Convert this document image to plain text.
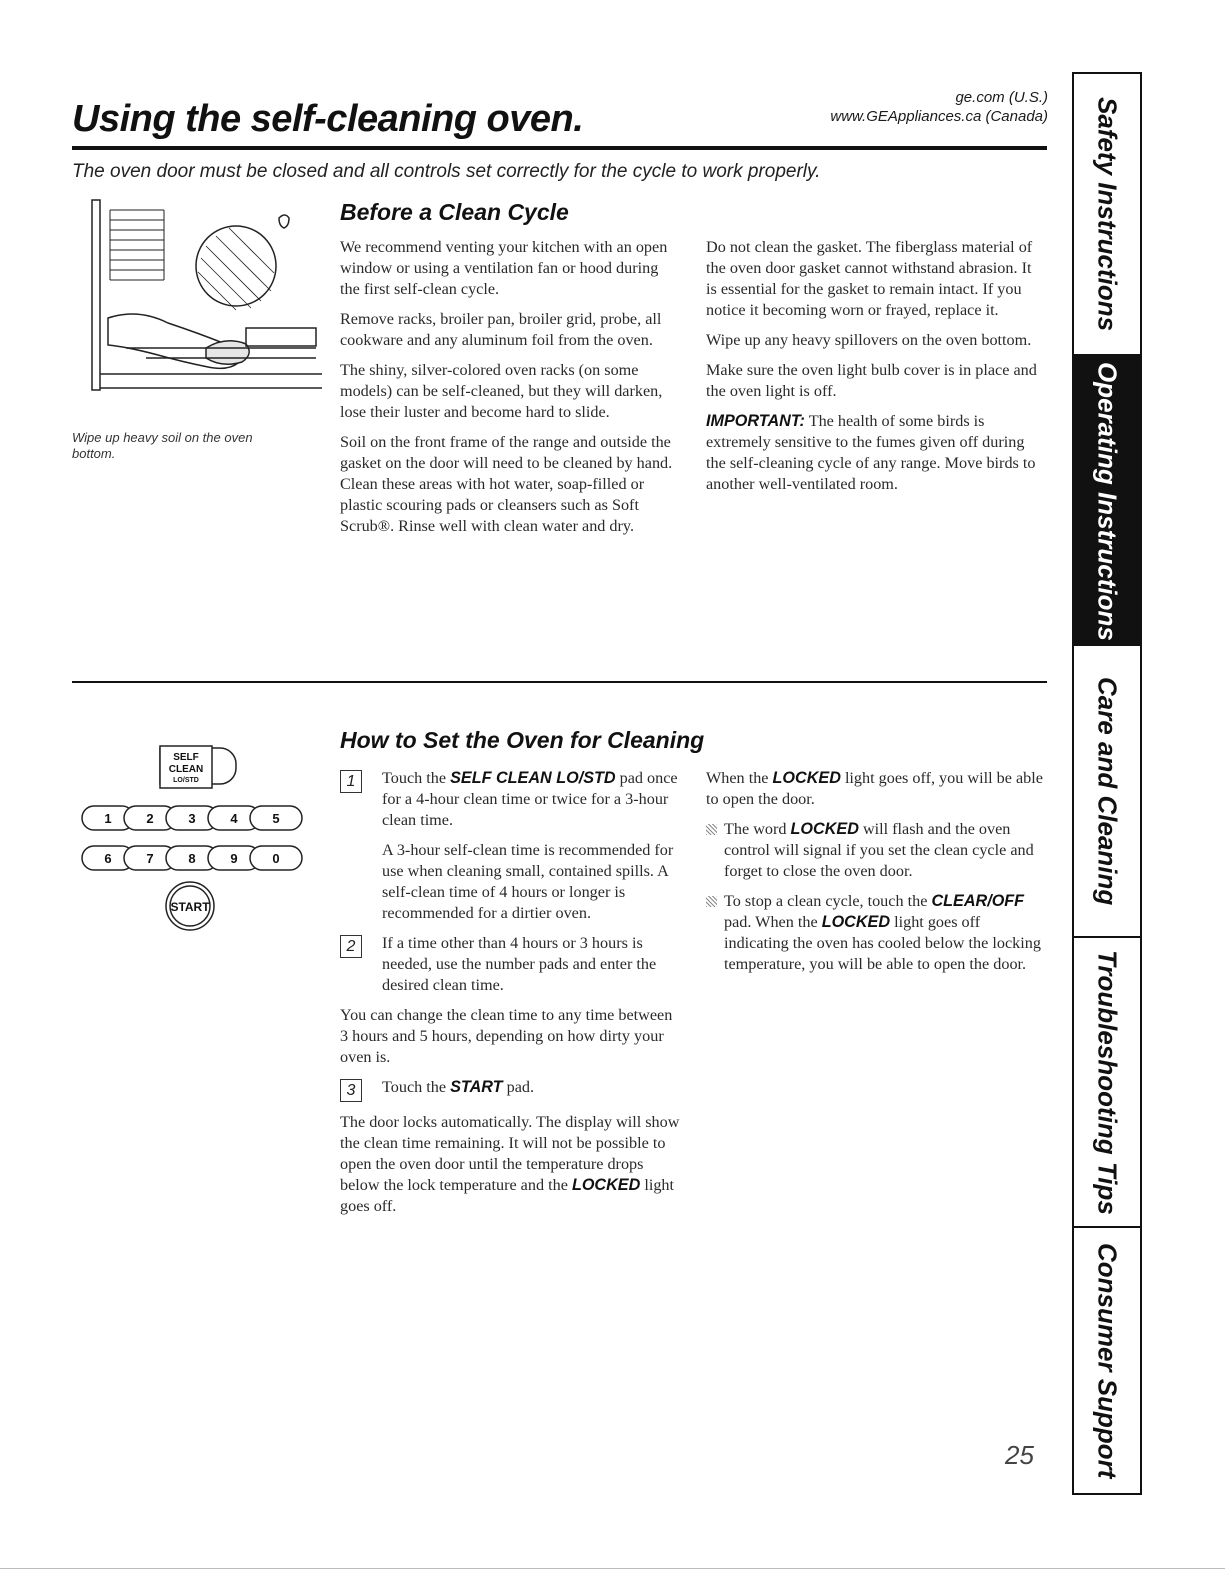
Using the self-cleaning oven.
ge.com (U.S.)
www.GEAppliances.ca (Canada)
The oven door must be closed and all controls set correctly for the cycle to work properly.
Wipe up heavy soil on the oven bottom.
Before a Clean Cycle

We recommend venting your kitchen with an open window or using a ventilation fan or hood during the first self-clean cycle.

Remove racks, broiler pan, broiler grid, probe, all cookware and any aluminum foil from the oven.

The shiny, silver-colored oven racks (on some models) can be self-cleaned, but they will darken, lose their luster and become hard to slide.

Soil on the front frame of the range and outside the gasket on the door will need to be cleaned by hand. Clean these areas with hot water, soap-filled or plastic scouring pads or cleansers such as Soft Scrub®. Rinse well with clean water and dry.

Do not clean the gasket. The fiberglass material of the oven door gasket cannot withstand abrasion. It is essential for the gasket to remain intact. If you notice it becoming worn or frayed, replace it.

Wipe up any heavy spillovers on the oven bottom.

Make sure the oven light bulb cover is in place and the oven light is off.

IMPORTANT: The health of some birds is extremely sensitive to the fumes given off during the self-cleaning cycle of any range. Move birds to another well-ventilated room.

SELF
CLEAN
LO/STD
1	2	3	4	5
6	7	8	9	0
START
How to Set the Oven for Cleaning
1	Touch the SELF CLEAN LO/STD pad once for a 4-hour clean time or twice for a 3-hour clean time.

A 3-hour self-clean time is recommended for use when cleaning small, contained spills. A self-clean time of 4 hours or longer is recommended for a dirtier oven.

2	If a time other than 4 hours or 3 hours is needed, use the number pads and enter the desired clean time.

You can change the clean time to any time between 3 hours and 5 hours, depending on how dirty your oven is.

3	Touch the START pad.

The door locks automatically. The display will show the clean time remaining. It will not be possible to open the oven door until the temperature drops below the lock temperature and the LOCKED light goes off.

When the LOCKED light goes off, you will be able to open the door.

The word LOCKED will flash and the oven control will signal if you set the clean cycle and forget to close the oven door.

To stop a clean cycle, touch the CLEAR/OFF pad. When the LOCKED light goes off indicating the oven has cooled below the locking temperature, you will be able to open the door.

Safety Instructions
Operating Instructions
Care and Cleaning
Troubleshooting Tips
Consumer Support
25
